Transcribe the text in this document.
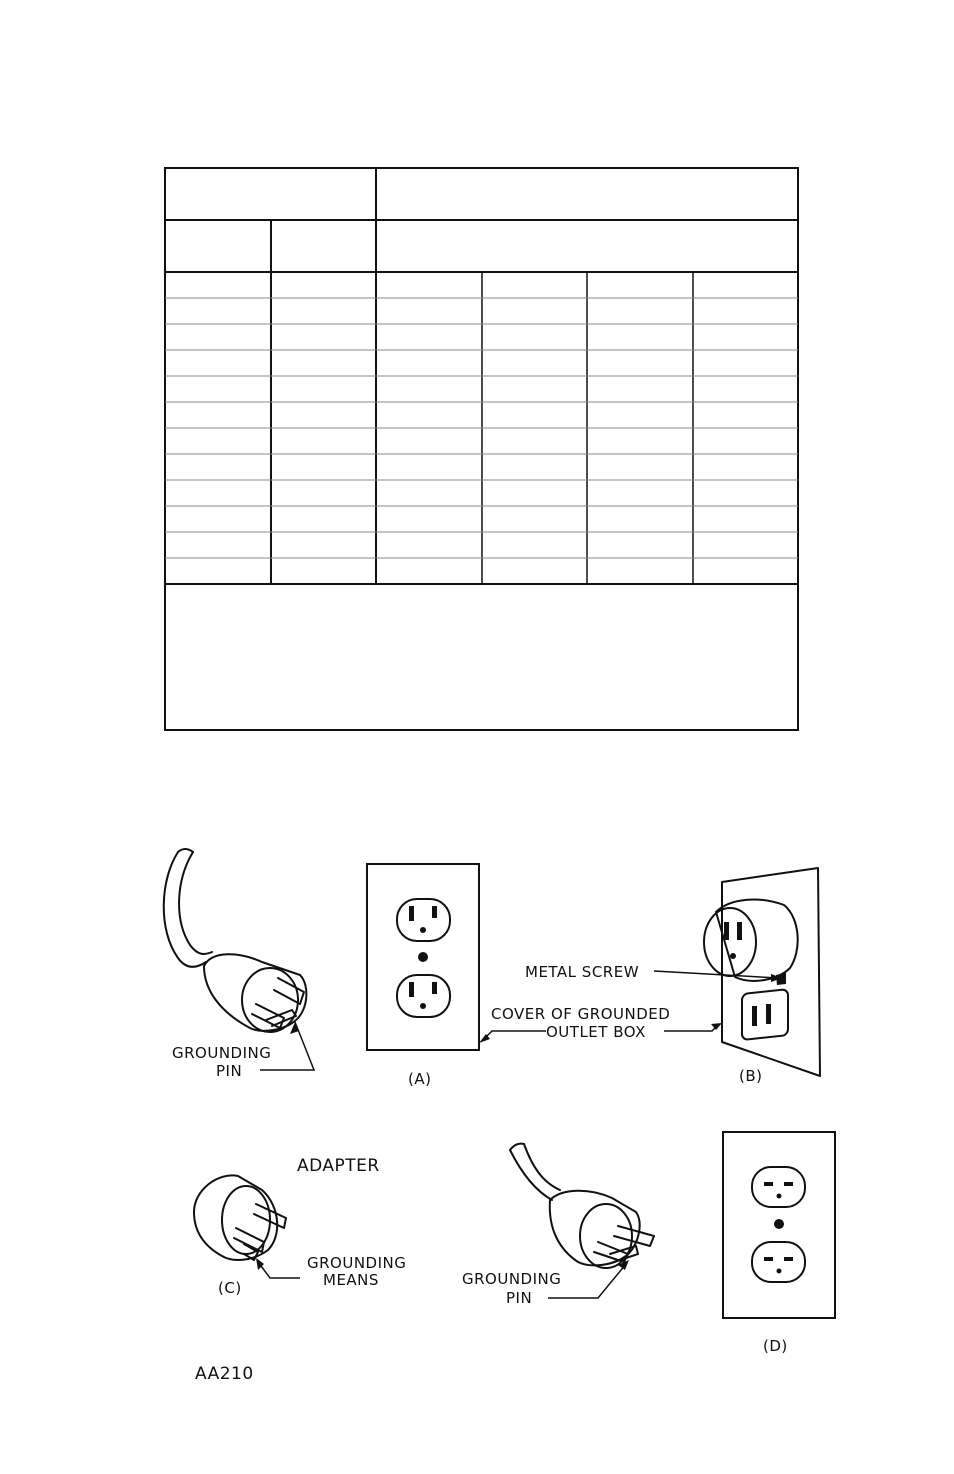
GROUNDING
PIN	(A)
COVER OF GROUNDED
OUTLET BOX
METAL SCREW
(B)
ADAPTER
GROUNDING
MEANS
(C)	GROUNDING
PIN
(D)
AA210
